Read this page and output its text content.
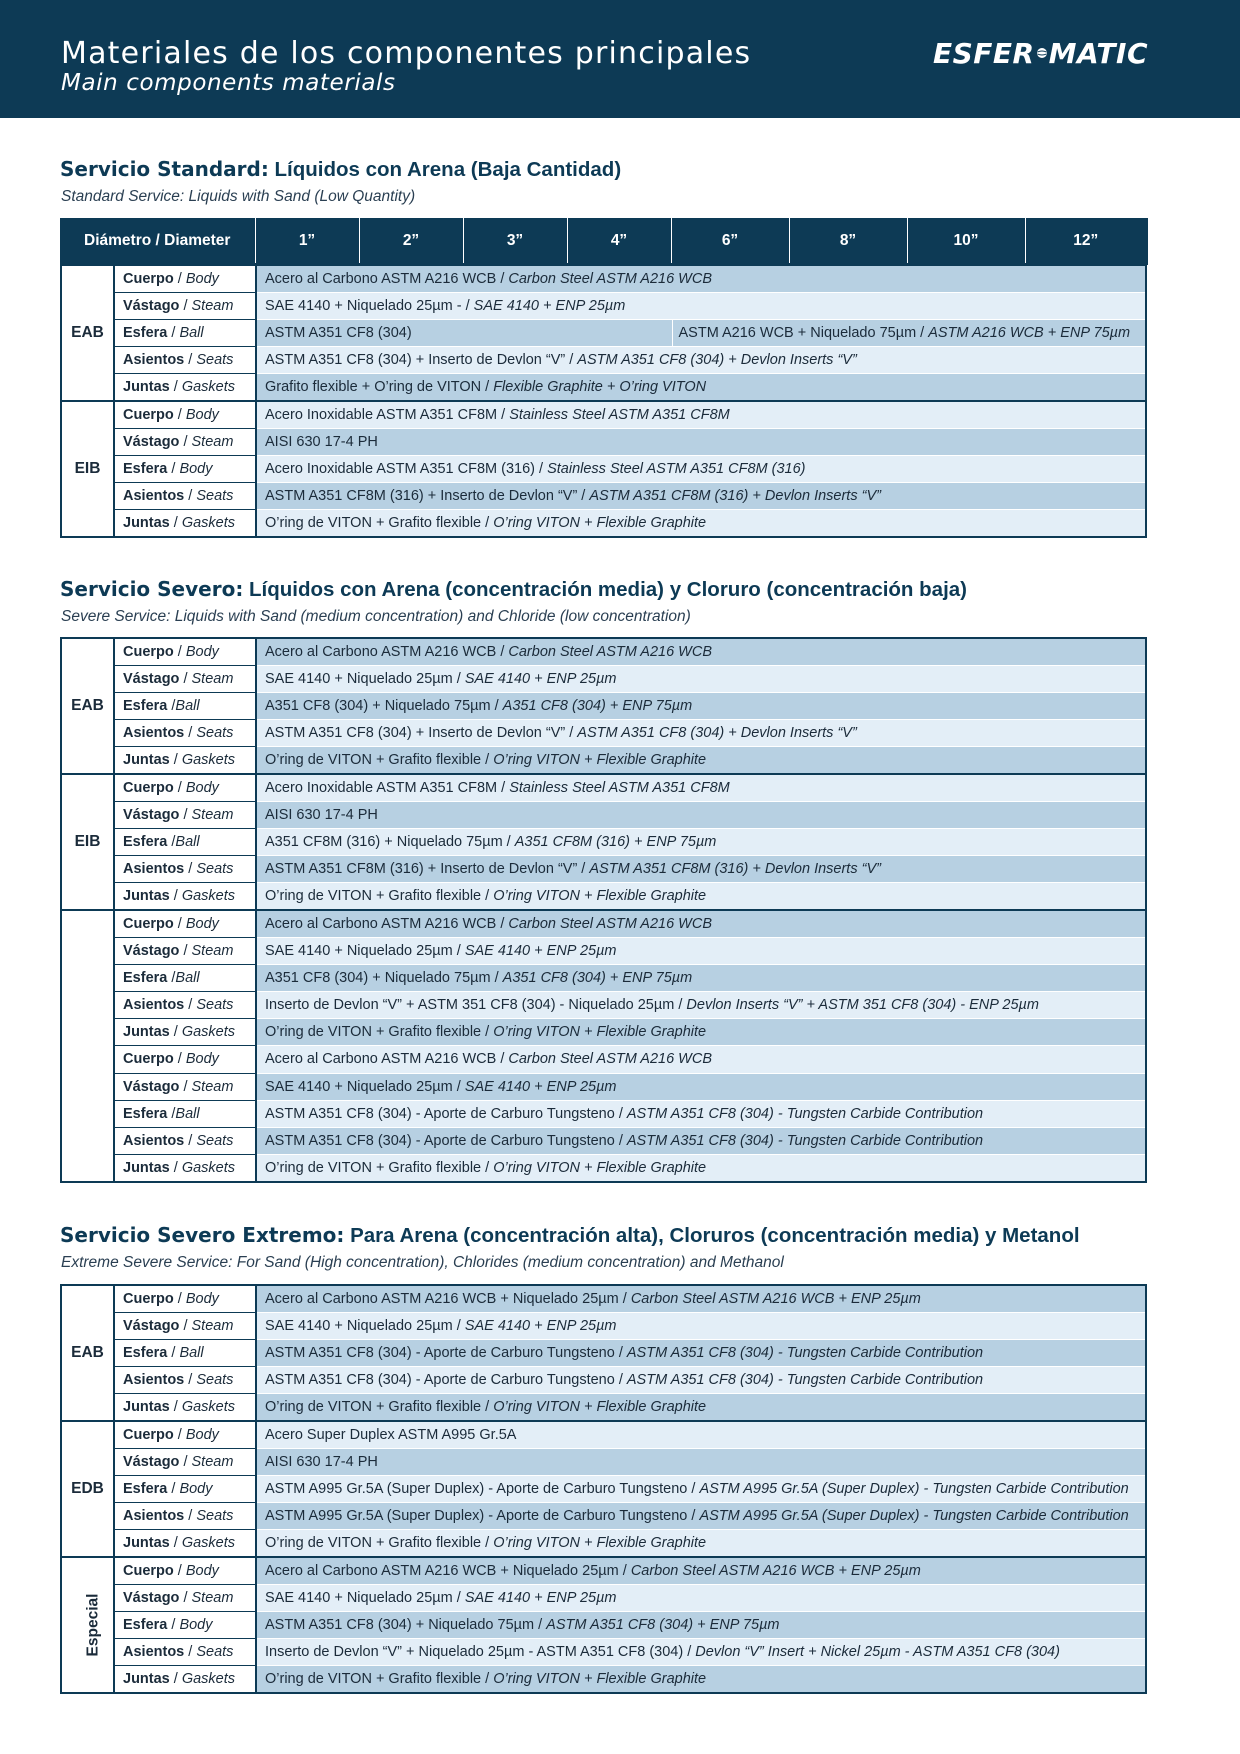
Materiales de los componentes principales
Main components materials
ESFER MATIC
Servicio Standard: Líquidos con Arena (Baja Cantidad)
Standard Service: Liquids with Sand (Low Quantity)
Diámetro / Diameter	1”	2”	3”	4”	6”	8”	10”	12”
EAB	Cuerpo / Body	Acero al Carbono ASTM A216 WCB / Carbon Steel ASTM A216 WCB	
	Vástago / Steam	SAE 4140 + Niquelado 25µm - / SAE 4140 + ENP 25µm	
	Esfera / Ball	ASTM A351 CF8 (304)	ASTM A216 WCB + Niquelado 75µm / ASTM A216 WCB + ENP 75µm
	Asientos / Seats	ASTM A351 CF8 (304) + Inserto de Devlon “V” / ASTM A351 CF8 (304) + Devlon Inserts “V”	
	Juntas / Gaskets	Grafito flexible + O’ring de VITON / Flexible Graphite + O’ring VITON	
EIB	Cuerpo / Body	Acero Inoxidable ASTM A351 CF8M / Stainless Steel ASTM A351 CF8M	
	Vástago / Steam	AISI 630 17-4 PH	
	Esfera / Body	Acero Inoxidable ASTM A351 CF8M (316) / Stainless Steel ASTM A351 CF8M (316)	
	Asientos / Seats	ASTM A351 CF8M (316) + Inserto de Devlon “V” / ASTM A351 CF8M (316) + Devlon Inserts “V”	
	Juntas / Gaskets	O’ring de VITON + Grafito flexible / O’ring VITON + Flexible Graphite	
Servicio Severo: Líquidos con Arena (concentración media) y Cloruro (concentración baja)
Severe Service: Liquids with Sand (medium concentration) and Chloride (low concentration)
EAB	Cuerpo / Body	Acero al Carbono ASTM A216 WCB / Carbon Steel ASTM A216 WCB
	Vástago / Steam	SAE 4140 + Niquelado 25µm / SAE 4140 + ENP 25µm
	Esfera /Ball	A351 CF8 (304) + Niquelado 75µm / A351 CF8 (304) + ENP 75µm
	Asientos / Seats	ASTM A351 CF8 (304) + Inserto de Devlon “V” / ASTM A351 CF8 (304) + Devlon Inserts “V”
	Juntas / Gaskets	O’ring de VITON + Grafito flexible / O’ring VITON + Flexible Graphite
EIB	Cuerpo / Body	Acero Inoxidable ASTM A351 CF8M / Stainless Steel ASTM A351 CF8M
	Vástago / Steam	AISI 630 17-4 PH
	Esfera /Ball	A351 CF8M (316) + Niquelado 75µm / A351 CF8M (316) + ENP 75µm
	Asientos / Seats	ASTM A351 CF8M (316) + Inserto de Devlon “V” / ASTM A351 CF8M (316) + Devlon Inserts “V”
	Juntas / Gaskets	O’ring de VITON + Grafito flexible / O’ring VITON + Flexible Graphite
	Cuerpo / Body	Acero al Carbono ASTM A216 WCB / Carbon Steel ASTM A216 WCB
	Vástago / Steam	SAE 4140 + Niquelado 25µm / SAE 4140 + ENP 25µm
	Esfera /Ball	A351 CF8 (304) + Niquelado 75µm / A351 CF8 (304) + ENP 75µm
	Asientos / Seats	Inserto de Devlon “V” + ASTM 351 CF8 (304) - Niquelado 25µm / Devlon Inserts “V” + ASTM 351 CF8 (304) - ENP 25µm
	Juntas / Gaskets	O’ring de VITON + Grafito flexible / O’ring VITON + Flexible Graphite
	Cuerpo / Body	Acero al Carbono ASTM A216 WCB / Carbon Steel ASTM A216 WCB
	Vástago / Steam	SAE 4140 + Niquelado 25µm / SAE 4140 + ENP 25µm
	Esfera /Ball	ASTM A351 CF8 (304) - Aporte de Carburo Tungsteno / ASTM A351 CF8 (304) - Tungsten Carbide Contribution
	Asientos / Seats	ASTM A351 CF8 (304) - Aporte de Carburo Tungsteno / ASTM A351 CF8 (304) - Tungsten Carbide Contribution
	Juntas / Gaskets	O’ring de VITON + Grafito flexible / O’ring VITON + Flexible Graphite
Servicio Severo Extremo: Para Arena (concentración alta), Cloruros (concentración media) y Metanol
Extreme Severe Service: For Sand (High concentration), Chlorides (medium concentration) and Methanol
EAB	Cuerpo / Body	Acero al Carbono ASTM A216 WCB + Niquelado 25µm / Carbon Steel ASTM A216 WCB + ENP 25µm
	Vástago / Steam	SAE 4140 + Niquelado 25µm / SAE 4140 + ENP 25µm
	Esfera / Ball	ASTM A351 CF8 (304) - Aporte de Carburo Tungsteno / ASTM A351 CF8 (304) - Tungsten Carbide Contribution
	Asientos / Seats	ASTM A351 CF8 (304) - Aporte de Carburo Tungsteno / ASTM A351 CF8 (304) - Tungsten Carbide Contribution
	Juntas / Gaskets	O’ring de VITON + Grafito flexible / O’ring VITON + Flexible Graphite
EDB	Cuerpo / Body	Acero Super Duplex ASTM A995 Gr.5A
	Vástago / Steam	AISI 630 17-4 PH
	Esfera / Body	ASTM A995 Gr.5A (Super Duplex) - Aporte de Carburo Tungsteno / ASTM A995 Gr.5A (Super Duplex) - Tungsten Carbide Contribution
	Asientos / Seats	ASTM A995 Gr.5A (Super Duplex) - Aporte de Carburo Tungsteno / ASTM A995 Gr.5A (Super Duplex) - Tungsten Carbide Contribution
	Juntas / Gaskets	O’ring de VITON + Grafito flexible / O’ring VITON + Flexible Graphite
Especial	Cuerpo / Body	Acero al Carbono ASTM A216 WCB + Niquelado 25µm / Carbon Steel ASTM A216 WCB + ENP 25µm
	Vástago / Steam	SAE 4140 + Niquelado 25µm / SAE 4140 + ENP 25µm
	Esfera / Body	ASTM A351 CF8 (304) + Niquelado 75µm / ASTM A351 CF8 (304) + ENP 75µm
	Asientos / Seats	Inserto de Devlon “V” + Niquelado 25µm - ASTM A351 CF8 (304) / Devlon “V” Insert + Nickel 25µm - ASTM A351 CF8 (304)
	Juntas / Gaskets	O’ring de VITON + Grafito flexible / O’ring VITON + Flexible Graphite
